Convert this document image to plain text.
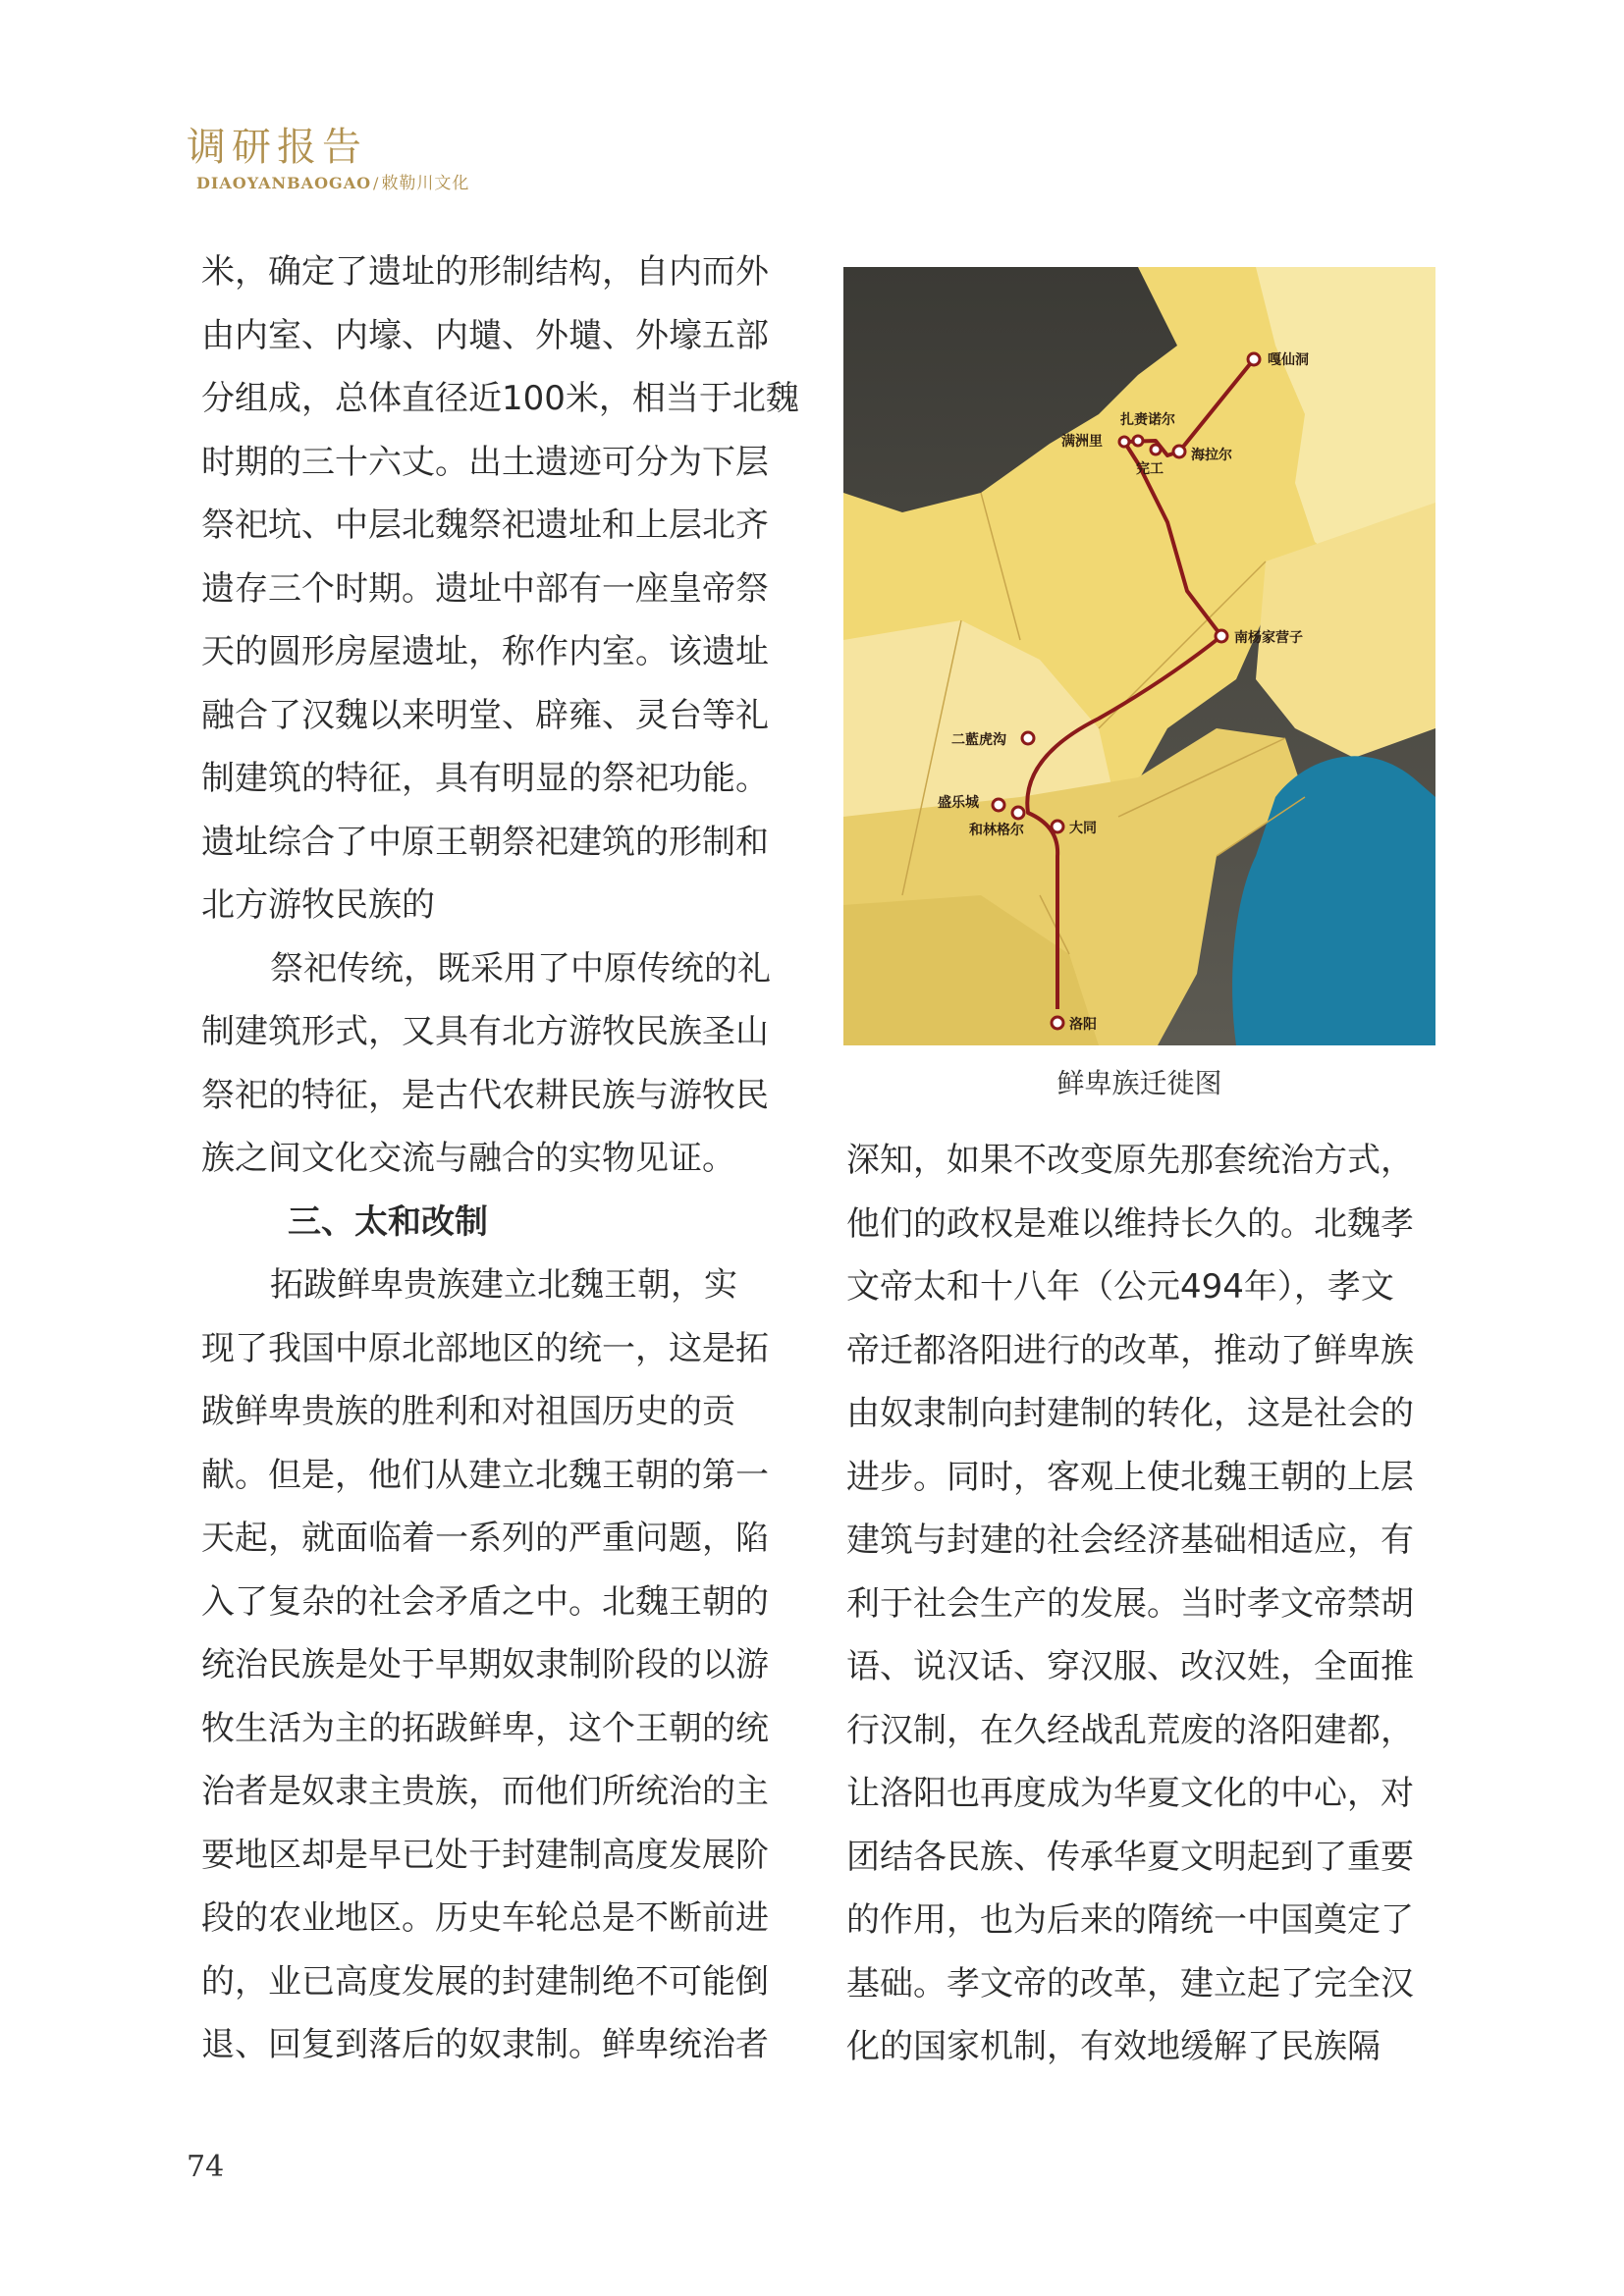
调研报告
DIAOYANBAOGAO / 敕勒川文化

米，确定了遗址的形制结构，自内而外

由内室、内壕、内壝、外壝、外壕五部

分组成，总体直径近100米，相当于北魏

时期的三十六丈。出土遗迹可分为下层

祭祀坑、中层北魏祭祀遗址和上层北齐

遗存三个时期。遗址中部有一座皇帝祭

天的圆形房屋遗址，称作内室。该遗址

融合了汉魏以来明堂、辟雍、灵台等礼

制建筑的特征，具有明显的祭祀功能。

遗址综合了中原王朝祭祀建筑的形制和

北方游牧民族的

祭祀传统，既采用了中原传统的礼

制建筑形式，又具有北方游牧民族圣山

祭祀的特征，是古代农耕民族与游牧民

族之间文化交流与融合的实物见证。

三、太和改制

拓跋鲜卑贵族建立北魏王朝，实

现了我国中原北部地区的统一，这是拓

跋鲜卑贵族的胜利和对祖国历史的贡

献。但是，他们从建立北魏王朝的第一

天起，就面临着一系列的严重问题，陷

入了复杂的社会矛盾之中。北魏王朝的

统治民族是处于早期奴隶制阶段的以游

牧生活为主的拓跋鲜卑，这个王朝的统

治者是奴隶主贵族，而他们所统治的主

要地区却是早已处于封建制高度发展阶

段的农业地区。历史车轮总是不断前进

的，业已高度发展的封建制绝不可能倒

退、回复到落后的奴隶制。鲜卑统治者

深知，如果不改变原先那套统治方式，

他们的政权是难以维持长久的。北魏孝

文帝太和十八年（公元494年），孝文

帝迁都洛阳进行的改革，推动了鲜卑族

由奴隶制向封建制的转化，这是社会的

进步。同时，客观上使北魏王朝的上层

建筑与封建的社会经济基础相适应，有

利于社会生产的发展。当时孝文帝禁胡

语、说汉话、穿汉服、改汉姓，全面推

行汉制，在久经战乱荒废的洛阳建都，

让洛阳也再度成为华夏文化的中心，对

团结各民族、传承华夏文明起到了重要

的作用，也为后来的隋统一中国奠定了

基础。孝文帝的改革，建立起了完全汉

化的国家机制，有效地缓解了民族隔

嘎仙洞
扎赉诺尔
满洲里
完工
海拉尔
南杨家营子
二藍虎沟
盛乐城
和林格尔	大同
洛阳
鲜卑族迁徙图
74
